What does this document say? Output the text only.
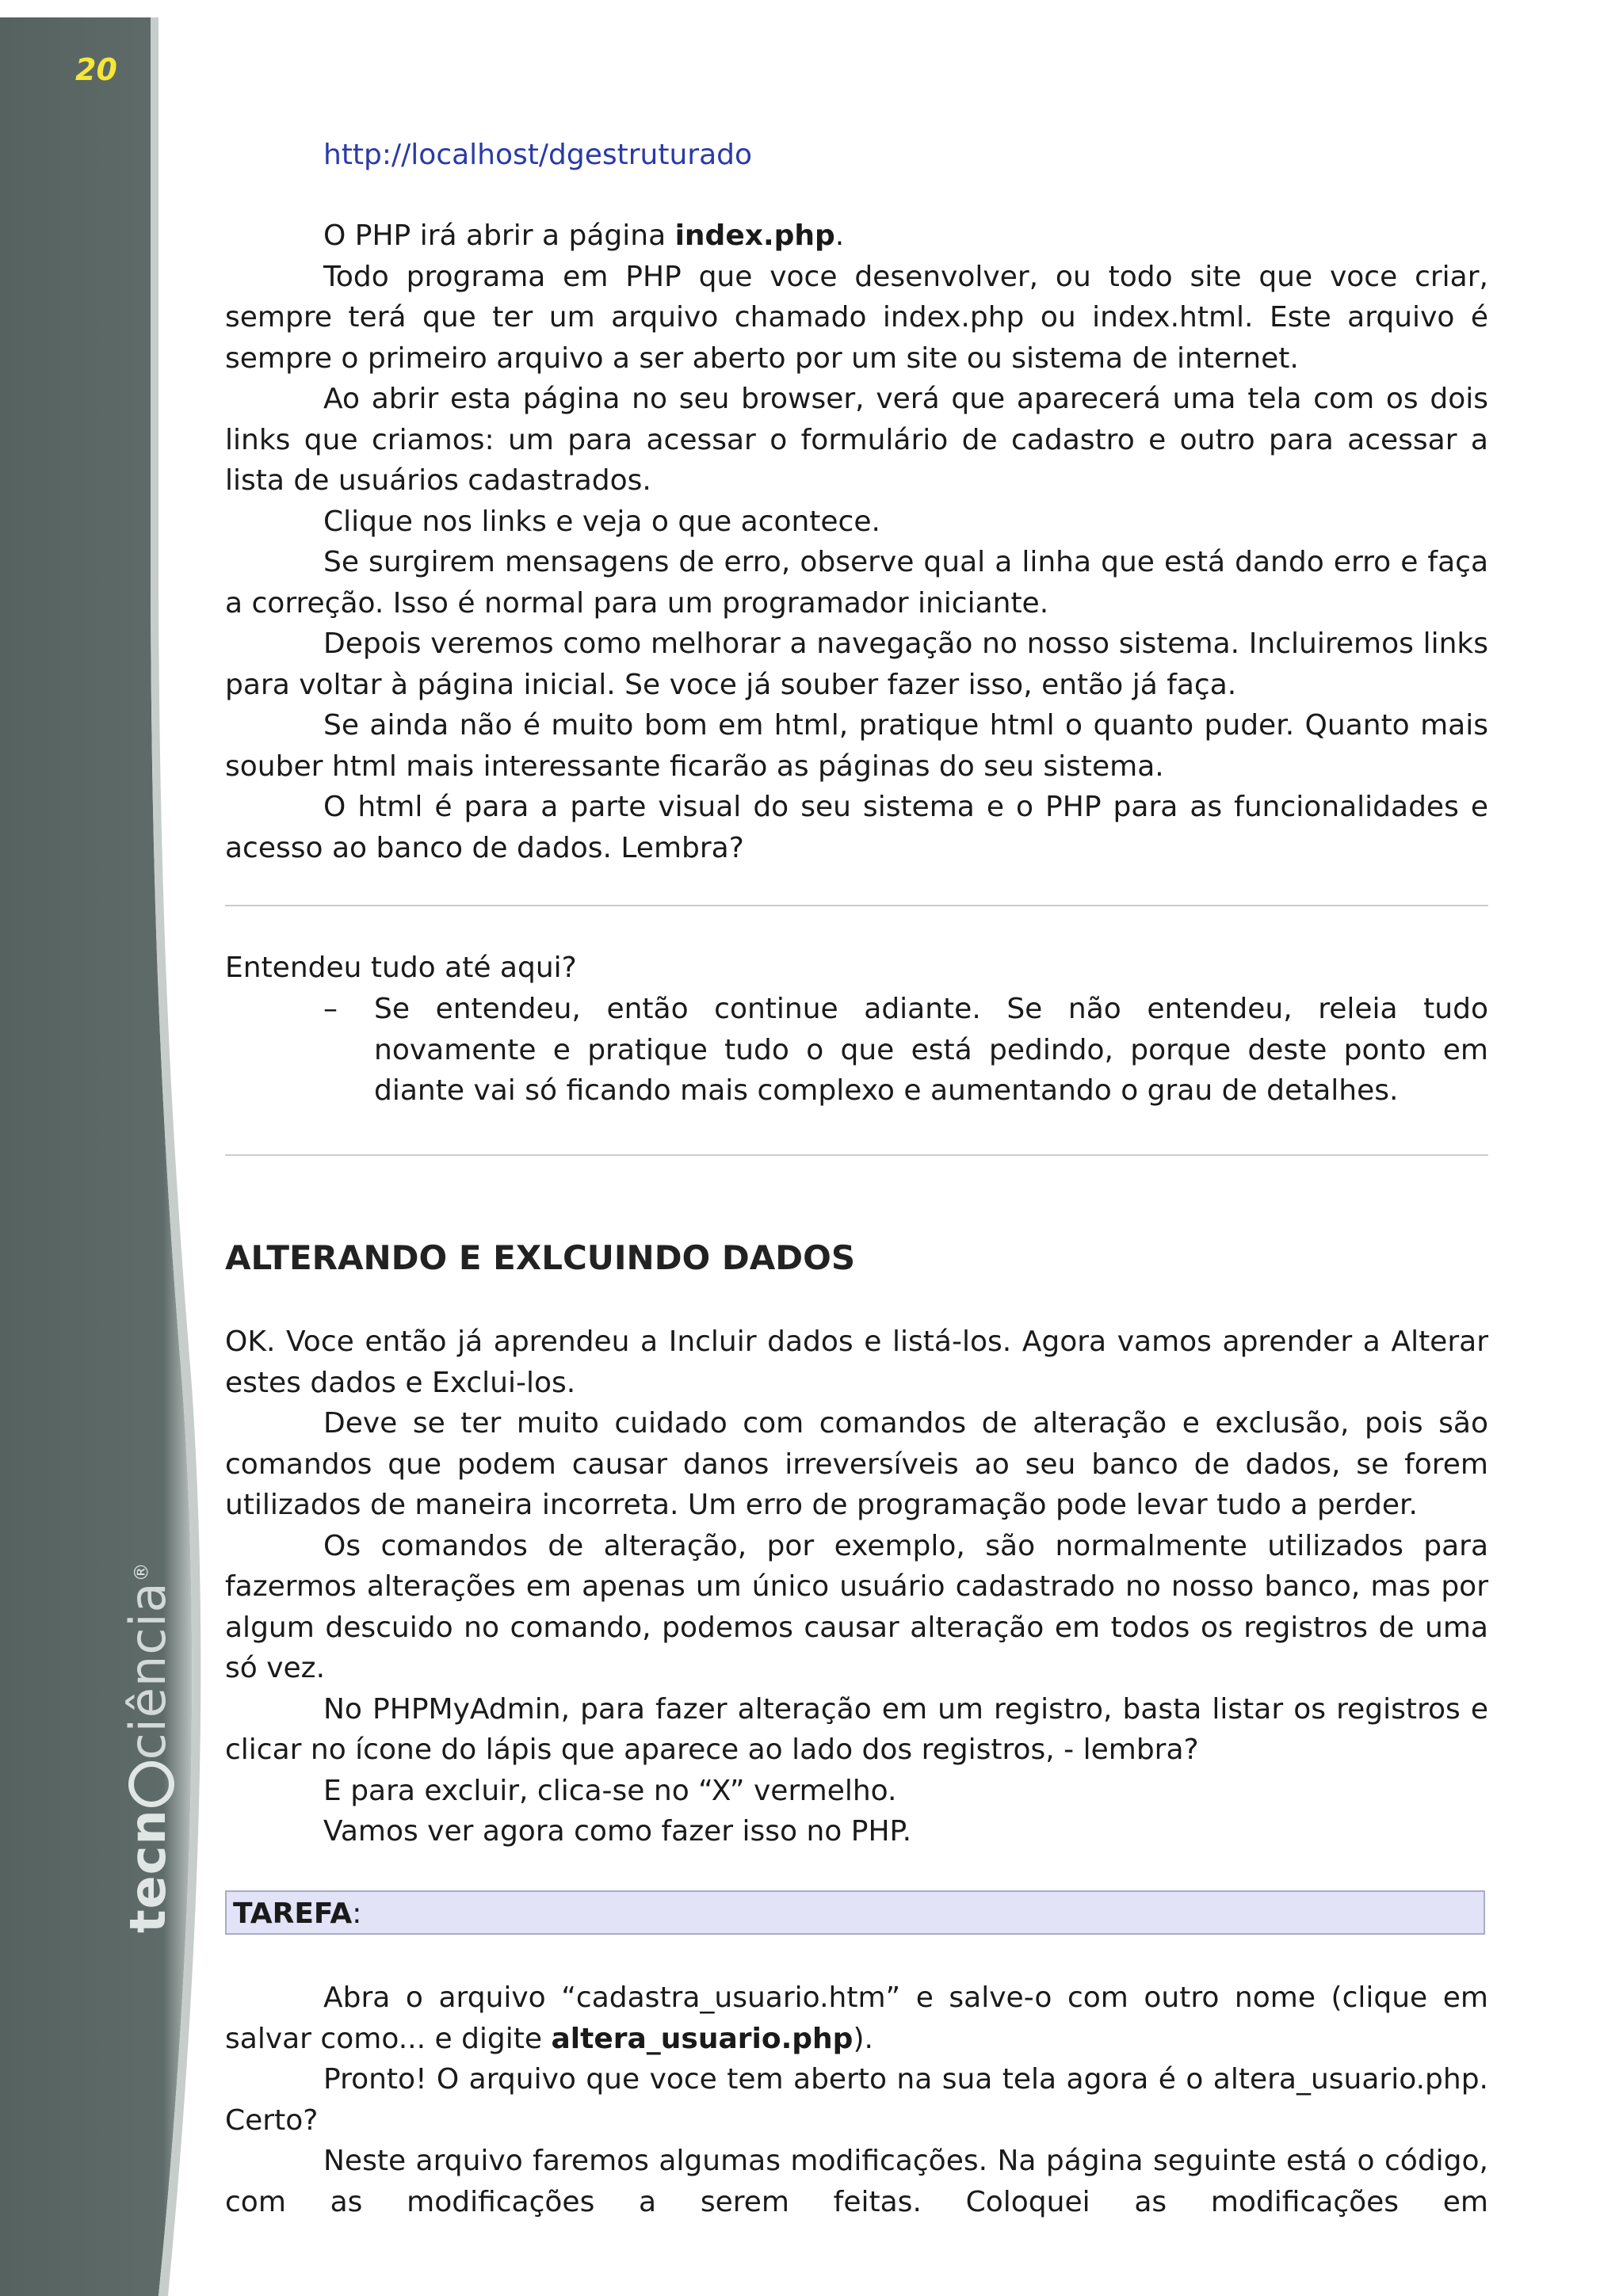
20
tecnciência®
http://localhost/dgestruturado

O PHP irá abrir a página index.php.

Todo programa em PHP que voce desenvolver, ou todo site que voce criar, sempre terá que ter um arquivo chamado index.php ou index.html. Este arquivo é sempre o primeiro arquivo a ser aberto por um site ou sistema de internet.

Ao abrir esta página no seu browser, verá que aparecerá uma tela com os dois links que criamos: um para acessar o formulário de cadastro e outro para acessar a lista de usuários cadastrados.

Clique nos links e veja o que acontece.

Se surgirem mensagens de erro, observe qual a linha que está dando erro e faça a correção. Isso é normal para um programador iniciante.

Depois veremos como melhorar a navegação no nosso sistema. Incluiremos links para voltar à página inicial. Se voce já souber fazer isso, então já faça.

Se ainda não é muito bom em html, pratique html o quanto puder. Quanto mais souber html mais interessante ficarão as páginas do seu sistema.

O html é para a parte visual do seu sistema e o PHP para as funcionalidades e acesso ao banco de dados. Lembra?

Entendeu tudo até aqui?
– Se entendeu, então continue adiante. Se não entendeu, releia tudo novamente e pratique tudo o que está pedindo, porque deste ponto em diante vai só ficando mais complexo e aumentando o grau de detalhes.
ALTERANDO E EXLCUINDO DADOS

OK. Voce então já aprendeu a Incluir dados e listá-los. Agora vamos aprender a Alterar estes dados e Exclui-los.

Deve se ter muito cuidado com comandos de alteração e exclusão, pois são comandos que podem causar danos irreversíveis ao seu banco de dados, se forem utilizados de maneira incorreta. Um erro de programação pode levar tudo a perder.

Os comandos de alteração, por exemplo, são normalmente utilizados para fazermos alterações em apenas um único usuário cadastrado no nosso banco, mas por algum descuido no comando, podemos causar alteração em todos os registros de uma só vez.

No PHPMyAdmin, para fazer alteração em um registro, basta listar os registros e clicar no ícone do lápis que aparece ao lado dos registros, - lembra?

E para excluir, clica-se no “X” vermelho.

Vamos ver agora como fazer isso no PHP.

TAREFA:

Abra o arquivo “cadastra_usuario.htm” e salve-o com outro nome (clique em salvar como... e digite altera_usuario.php).

Pronto! O arquivo que voce tem aberto na sua tela agora é o altera_usuario.php. Certo?

Neste arquivo faremos algumas modificações. Na página seguinte está o código, com as modificações a serem feitas. Coloquei as modificações em
